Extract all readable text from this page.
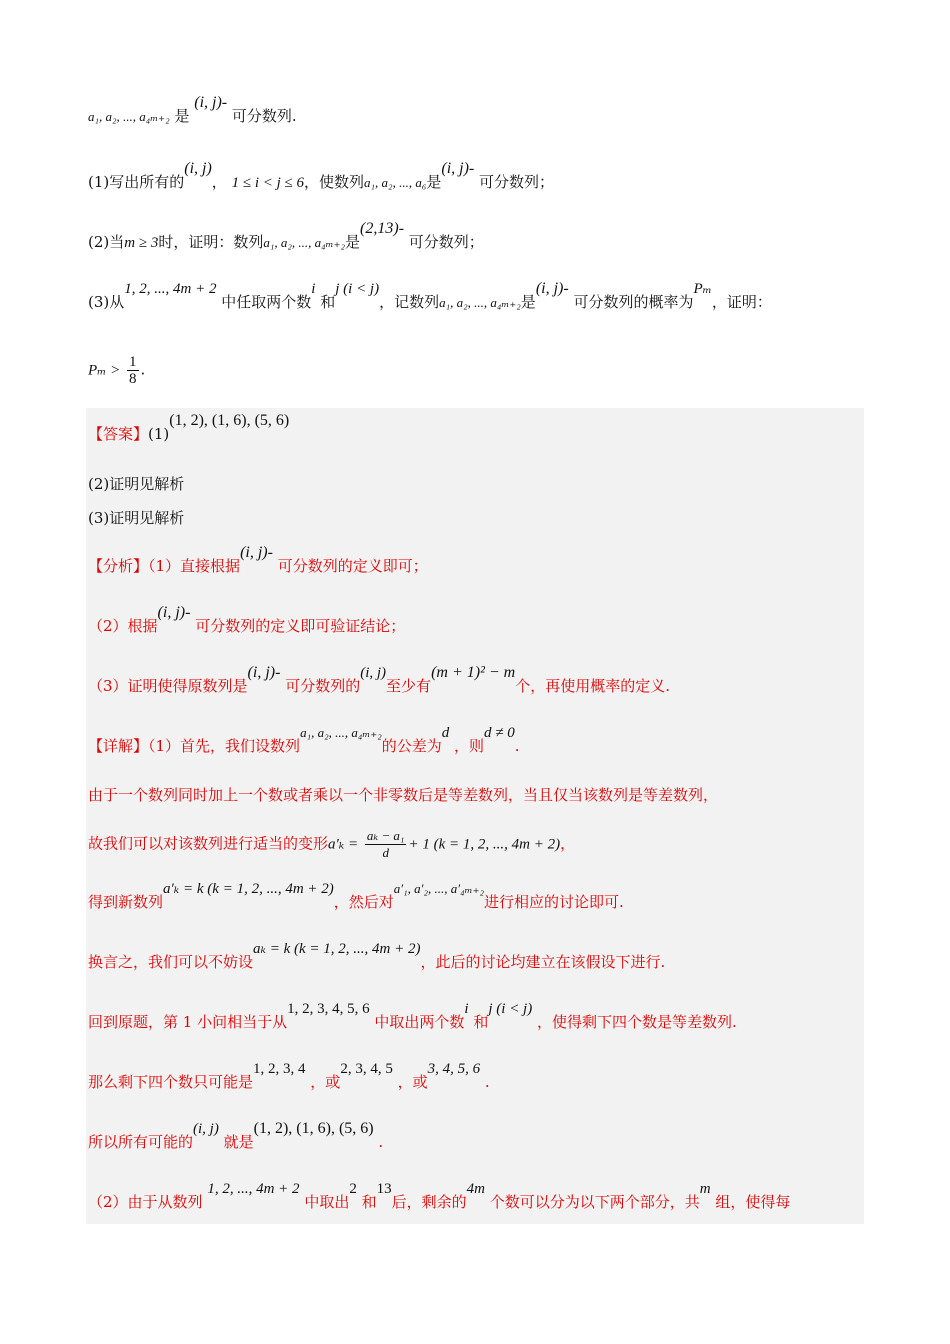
a₁, a₂, ..., a₄ₘ₊₂ 是 (i, j)- 可分数列.
(1)写出所有的(i, j)， 1 ≤ i < j ≤ 6，使数列a₁, a₂, ..., a₆是(i, j)- 可分数列；
(2)当m ≥ 3时，证明：数列a₁, a₂, ..., a₄ₘ₊₂是(2,13)- 可分数列；
(3)从1, 2, ..., 4m + 2 中任取两个数i 和j (i < j)，记数列a₁, a₂, ..., a₄ₘ₊₂是(i, j)- 可分数列的概率为Pₘ，证明：
$P_m > \frac{1}{8}$ .
【答案】(1)(1, 2), (1, 6), (5, 6)
(2)证明见解析
(3)证明见解析
【分析】（1）直接根据(i, j)- 可分数列的定义即可；
（2）根据(i, j)- 可分数列的定义即可验证结论；
（3）证明使得原数列是(i, j)- 可分数列的(i, j)至少有(m + 1)² − m个，再使用概率的定义.
【详解】（1）首先，我们设数列a₁, a₂, ..., a₄ₘ₊₂的公差为d ，则d ≠ 0.
由于一个数列同时加上一个数或者乘以一个非零数后是等差数列，当且仅当该数列是等差数列，
故我们可以对该数列进行适当的变形$a'_k = \frac{\text{aₖ − a₁}}{d} + 1$ (k = 1, 2, ..., 4m + 2)，
得到新数列a′ₖ = k (k = 1, 2, ..., 4m + 2)，然后对a′₁, a′₂, ..., a′₄ₘ₊₂进行相应的讨论即可.
换言之，我们可以不妨设aₖ = k (k = 1, 2, ..., 4m + 2)，此后的讨论均建立在该假设下进行.
回到原题，第 1 小问相当于从1, 2, 3, 4, 5, 6 中取出两个数i 和j (i < j) ，使得剩下四个数是等差数列.
那么剩下四个数只可能是1, 2, 3, 4 ，或2, 3, 4, 5 ，或3, 4, 5, 6 .
所以所有可能的(i, j) 就是(1, 2), (1, 6), (5, 6) .
（2）由于从数列 1, 2, ..., 4m + 2 中取出2 和13后，剩余的4m 个数可以分为以下两个部分，共m 组，使得每
